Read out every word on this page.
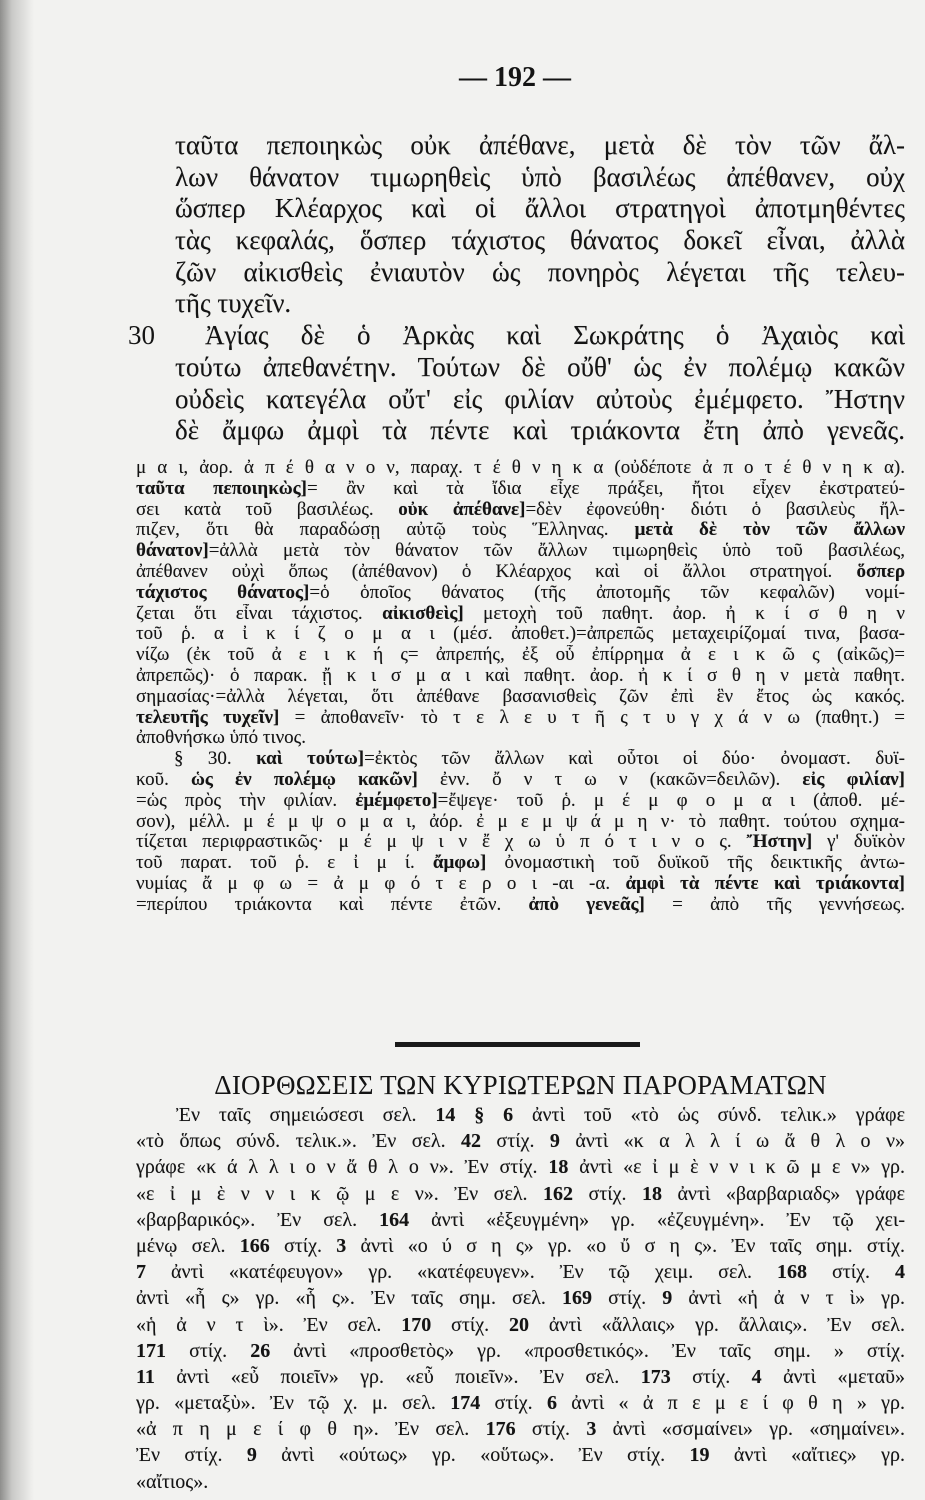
— 192 —
ταῦτα πεποιηκὼς οὐκ ἀπέθανε, μετὰ δὲ τὸν τῶν ἄλ-
λων θάνατον τιμωρηθεὶς ὑπὸ βασιλέως ἀπέθανεν, οὐχ
ὥσπερ Κλέαρχος καὶ οἱ ἄλλοι στρατηγοὶ ἀποτμηθέντες
τὰς κεφαλάς, ὅσπερ τάχιστος θάνατος δοκεῖ εἶναι, ἀλλὰ
ζῶν αἰκισθεὶς ἐνιαυτὸν ὡς πονηρὸς λέγεται τῆς τελευ-
τῆς τυχεῖν.
30	Ἀγίας δὲ ὁ Ἀρκὰς καὶ Σωκράτης ὁ Ἀχαιὸς καὶ
τούτω ἀπεθανέτην. Τούτων δὲ οὔθ' ὡς ἐν πολέμῳ κακῶν
οὐδεὶς κατεγέλα οὔτ' εἰς φιλίαν αὐτοὺς ἐμέμφετο. Ἤστην
δὲ ἄμφω ἀμφὶ τὰ πέντε καὶ τριάκοντα ἔτη ἀπὸ γενεᾶς.
μ α ι, ἀορ. ἀ π έ θ α ν ο ν, παραχ. τ έ θ ν η κ α (οὐδέποτε ἀ π ο τ έ θ ν η κ α).
ταῦτα πεποιηκὼς]= ἂν καὶ τὰ ἴδια εἶχε πράξει, ἤτοι εἶχεν ἐκστρατεύ-
σει κατὰ τοῦ βασιλέως. οὐκ ἀπέθανε]=δὲν ἐφονεύθη· διότι ὁ βασιλεὺς ἤλ-
πιζεν, ὅτι θὰ παραδώσῃ αὐτῷ τοὺς Ἕλληνας. μετὰ δὲ τὸν τῶν ἄλλων
θάνατον]=ἀλλὰ μετὰ τὸν θάνατον τῶν ἄλλων τιμωρηθεὶς ὑπὸ τοῦ βασιλέως,
ἀπέθανεν οὐχὶ ὅπως (ἀπέθανον) ὁ Κλέαρχος καὶ οἱ ἄλλοι στρατηγοί. ὅσπερ
τάχιστος θάνατος]=ὁ ὁποῖος θάνατος (τῆς ἀποτομῆς τῶν κεφαλῶν) νομί-
ζεται ὅτι εἶναι τάχιστος. αἰκισθεὶς] μετοχὴ τοῦ παθητ. ἀορ. ἠ κ ί σ θ η ν
τοῦ ῥ. α ἰ κ ί ζ ο μ α ι (μέσ. ἀποθετ.)=ἀπρεπῶς μεταχειρίζομαί τινα, βασα-
νίζω (ἐκ τοῦ ἀ ε ι κ ή ς= ἀπρεπής, ἐξ οὗ ἐπίρρημα ἀ ε ι κ ῶ ς (αἰκῶς)=
ἀπρεπῶς)· ὁ παρακ. ᾔ κ ι σ μ α ι καὶ παθητ. ἀορ. ἠ κ ί σ θ η ν μετὰ παθητ.
σημασίας·=ἀλλὰ λέγεται, ὅτι ἀπέθανε βασανισθεὶς ζῶν ἐπὶ ἓν ἔτος ὡς κακός.
τελευτῆς τυχεῖν] = ἀποθανεῖν· τὸ τ ε λ ε υ τ ῆ ς τ υ γ χ ά ν ω (παθητ.) =
ἀποθνήσκω ὑπό τινος.
§ 30. καὶ τούτω]=ἐκτὸς τῶν ἄλλων καὶ οὗτοι οἱ δύο· ὀνομαστ. δυϊ-
κοῦ. ὡς ἐν πολέμῳ κακῶν] ἐνν. ὄ ν τ ω ν (κακῶν=δειλῶν). εἰς φιλίαν]
=ὡς πρὸς τὴν φιλίαν. ἐμέμφετο]=ἔψεγε· τοῦ ῥ. μ έ μ φ ο μ α ι (ἀποθ. μέ-
σον), μέλλ. μ έ μ ψ ο μ α ι, ἀόρ. ἐ μ ε μ ψ ά μ η ν· τὸ παθητ. τούτου σχημα-
τίζεται περιφραστικῶς· μ έ μ ψ ι ν ἔ χ ω ὑ π ό τ ι ν ο ς. Ἤστην] γ' δυϊκὸν
τοῦ παρατ. τοῦ ῥ. ε ἰ μ ί. ἄμφω] ὀνομαστικὴ τοῦ δυϊκοῦ τῆς δεικτικῆς ἀντω-
νυμίας ἄ μ φ ω = ἀ μ φ ό τ ε ρ ο ι -αι -α. ἀμφὶ τὰ πέντε καὶ τριάκοντα]
=περίπου τριάκοντα καὶ πέντε ἐτῶν. ἀπὸ γενεᾶς] = ἀπὸ τῆς γεννήσεως.
ΔΙΟΡΘΩΣΕΙΣ ΤΩΝ ΚΥΡΙΩΤΕΡΩΝ ΠΑΡΟΡΑΜΑΤΩΝ
Ἐν ταῖς σημειώσεσι σελ. 14 § 6 ἀντὶ τοῦ «τὸ ὡς σύνδ. τελικ.» γράφε
«τὸ ὅπως σύνδ. τελικ.». Ἐν σελ. 42 στίχ. 9 ἀντὶ «κ α λ λ ί ω ἄ θ λ ο ν»
γράφε «κ ά λ λ ι ο ν ἄ θ λ ο ν». Ἐν στίχ. 18 ἀντὶ «ε ἰ μ ὲ ν ν ι κ ῶ μ ε ν» γρ.
«ε ἰ μ ὲ ν ν ι κ ῷ μ ε ν». Ἐν σελ. 162 στίχ. 18 ἀντὶ «βαρβαριαδς» γράφε
«βαρβαρικός». Ἐν σελ. 164 ἀντὶ «ἐξευγμένη» γρ. «ἐζευγμένη». Ἐν τῷ χει-
μένῳ σελ. 166 στίχ. 3 ἀντὶ «ο ύ σ η ς» γρ. «ο ὔ σ η ς». Ἐν ταῖς σημ. στίχ.
7 ἀντὶ «κατέφευγον» γρ. «κατέφευγεν». Ἐν τῷ χειμ. σελ. 168 στίχ. 4
ἀντὶ «ἦ ς» γρ. «ἧ ς». Ἐν ταῖς σημ. σελ. 169 στίχ. 9 ἀντὶ «ἡ ἀ ν τ ὶ» γρ.
«ἡ ἀ ν τ ὶ». Ἐν σελ. 170 στίχ. 20 ἀντὶ «ἄλλαις» γρ. ἄλλαις». Ἐν σελ.
171 στίχ. 26 ἀντὶ «προσθετὸς» γρ. «προσθετικός». Ἐν ταῖς σημ. » στίχ.
11 ἀντὶ «εὖ ποιεῖν» γρ. «εὖ ποιεῖν». Ἐν σελ. 173 στίχ. 4 ἀντὶ «μεταῦ»
γρ. «μεταξὺ». Ἐν τῷ χ. μ. σελ. 174 στίχ. 6 ἀντὶ « ἀ π ε μ ε ί φ θ η » γρ.
«ἀ π η μ ε ί φ θ η». Ἐν σελ. 176 στίχ. 3 ἀντὶ «σσμαίνει» γρ. «σημαίνει».
Ἐν στίχ. 9 ἀντὶ «ούτως» γρ. «οὕτως». Ἐν στίχ. 19 ἀντὶ «αἴτιες» γρ.
«αἴτιος».
